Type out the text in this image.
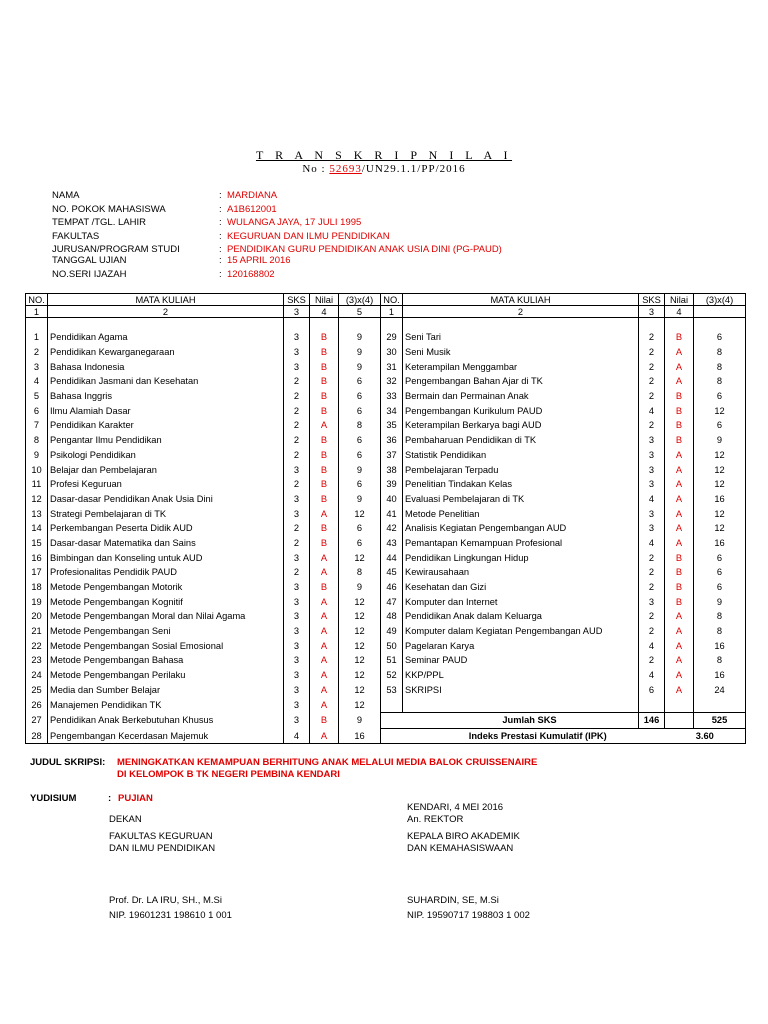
T R A N S K R I P N I L A I
No : 52693/UN29.1.1/PP/2016
NAMA	: MARDIANA
NO. POKOK MAHASISWA	: A1B612001
TEMPAT /TGL. LAHIR	: WULANGA JAYA, 17 JULI 1995
FAKULTAS	: KEGURUAN DAN ILMU PENDIDIKAN
JURUSAN/PROGRAM STUDI	: PENDIDIKAN GURU PENDIDIKAN ANAK USIA DINI (PG-PAUD)
TANGGAL UJIAN	: 15 APRIL 2016
NO.SERI IJAZAH	: 120168802
NO.	MATA KULIAH	SKS	Nilai	(3)x(4)	NO.	MATA KULIAH	SKS	Nilai	(3)x(4)
1	2	3	4	5	1	2	3	4	

1	Pendidikan Agama	3	B	9	29	Seni Tari	2	B	6
2	Pendidikan Kewarganegaraan	3	B	9	30	Seni Musik	2	A	8
3	Bahasa Indonesia	3	B	9	31	Keterampilan Menggambar	2	A	8
4	Pendidikan Jasmani dan Kesehatan	2	B	6	32	Pengembangan Bahan Ajar di TK	2	A	8
5	Bahasa Inggris	2	B	6	33	Bermain dan Permainan Anak	2	B	6
6	Ilmu Alamiah Dasar	2	B	6	34	Pengembangan Kurikulum PAUD	4	B	12
7	Pendidikan Karakter	2	A	8	35	Keterampilan Berkarya bagi AUD	2	B	6
8	Pengantar Ilmu Pendidikan	2	B	6	36	Pembaharuan Pendidikan di TK	3	B	9
9	Psikologi Pendidikan	2	B	6	37	Statistik Pendidikan	3	A	12
10	Belajar dan Pembelajaran	3	B	9	38	Pembelajaran Terpadu	3	A	12
11	Profesi Keguruan	2	B	6	39	Penelitian Tindakan Kelas	3	A	12
12	Dasar-dasar Pendidikan Anak Usia Dini	3	B	9	40	Evaluasi Pembelajaran di TK	4	A	16
13	Strategi Pembelajaran di TK	3	A	12	41	Metode Penelitian	3	A	12
14	Perkembangan Peserta Didik AUD	2	B	6	42	Analisis Kegiatan Pengembangan AUD	3	A	12
15	Dasar-dasar Matematika dan Sains	2	B	6	43	Pemantapan Kemampuan Profesional	4	A	16
16	Bimbingan dan Konseling untuk AUD	3	A	12	44	Pendidikan Lingkungan Hidup	2	B	6
17	Profesionalitas Pendidik PAUD	2	A	8	45	Kewirausahaan	2	B	6
18	Metode Pengembangan Motorik	3	B	9	46	Kesehatan dan Gizi	2	B	6
19	Metode Pengembangan Kognitif	3	A	12	47	Komputer dan Internet	3	B	9
20	Metode Pengembangan Moral dan Nilai Agama	3	A	12	48	Pendidikan Anak dalam Keluarga	2	A	8
21	Metode Pengembangan Seni	3	A	12	49	Komputer dalam Kegiatan Pengembangan AUD	2	A	8
22	Metode Pengembangan Sosial Emosional	3	A	12	50	Pagelaran Karya	4	A	16
23	Metode Pengembangan Bahasa	3	A	12	51	Seminar PAUD	2	A	8
24	Metode Pengembangan Perilaku	3	A	12	52	KKP/PPL	4	A	16
25	Media dan Sumber Belajar	3	A	12	53	SKRIPSI	6	A	24
26	Manajemen Pendidikan TK	3	A	12					
27	Pendidikan Anak Berkebutuhan Khusus	3	B	9	Jumlah SKS		146		525
28	Pengembangan Kecerdasan Majemuk	4	A	16	Indeks Prestasi Kumulatif (IPK)			3.60	
JUDUL SKRIPSI: MENINGKATKAN KEMAMPUAN BERHITUNG ANAK MELALUI MEDIA BALOK CRUISSENAIRE
DI KELOMPOK B TK NEGERI PEMBINA KENDARI
YUDISIUM	: PUJIAN
KENDARI, 4 MEI 2016
DEKAN	An. REKTOR
FAKULTAS KEGURUAN
DAN ILMU PENDIDIKAN
KEPALA BIRO AKADEMIK
DAN KEMAHASISWAAN
Prof. Dr. LA IRU, SH., M.Si
NIP. 19601231 198610 1 001
SUHARDIN, SE, M.Si
NIP. 19590717 198803 1 002
